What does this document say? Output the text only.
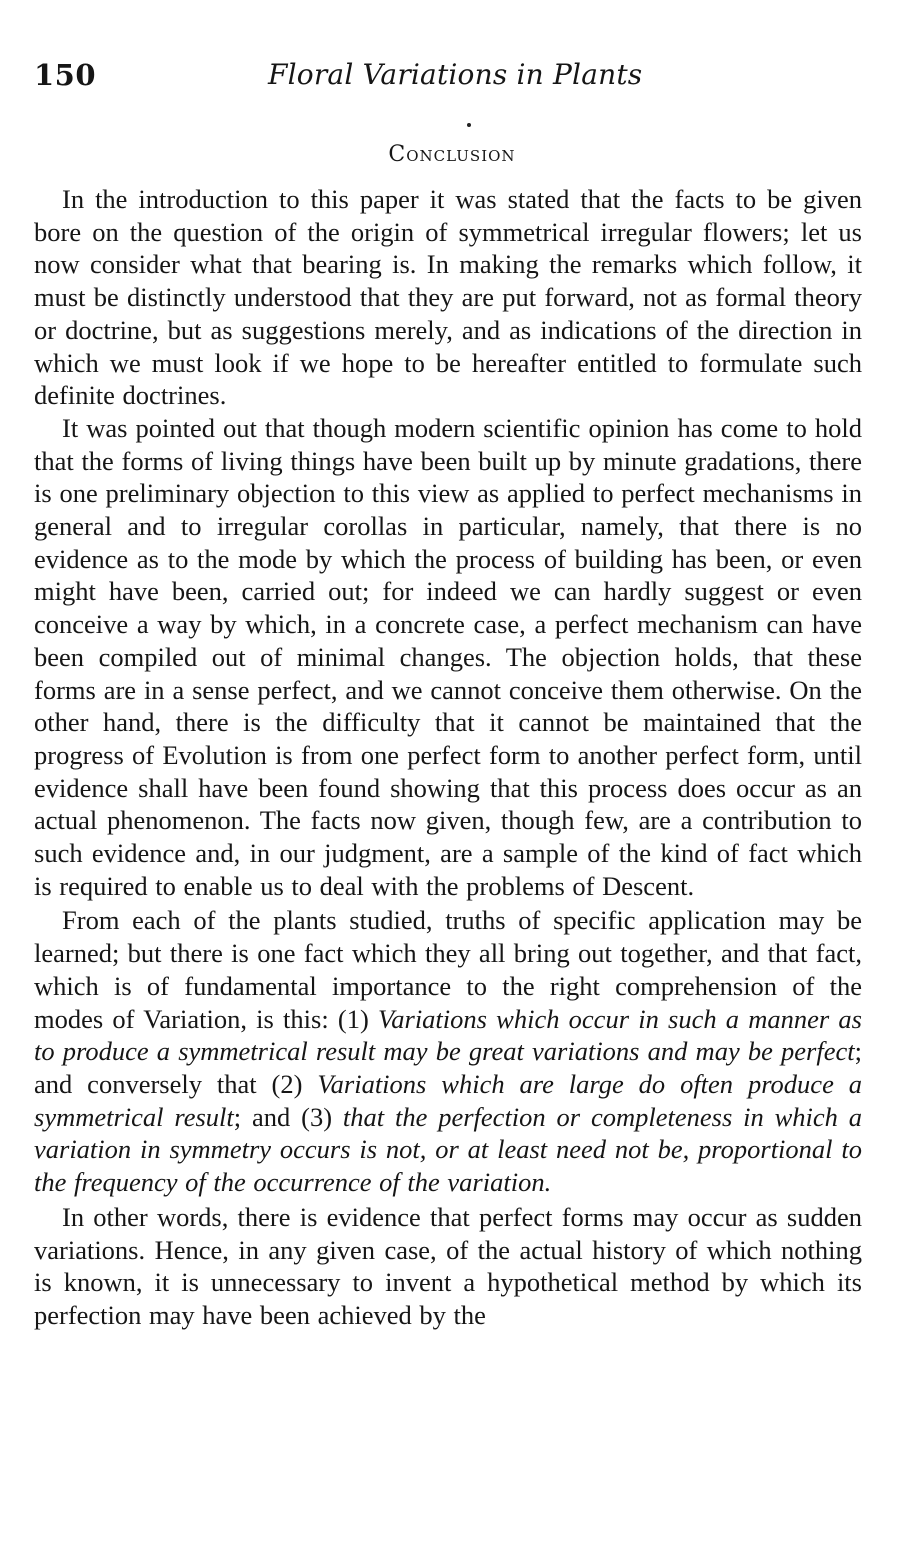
150	Floral Variations in Plants
Conclusion

In the introduction to this paper it was stated that the facts to be given bore on the question of the origin of symmetrical irregular flowers; let us now consider what that bearing is. In making the remarks which follow, it must be distinctly understood that they are put forward, not as formal theory or doctrine, but as suggestions merely, and as indications of the direction in which we must look if we hope to be hereafter entitled to formulate such definite doctrines.

It was pointed out that though modern scientific opinion has come to hold that the forms of living things have been built up by minute gradations, there is one preliminary objection to this view as applied to perfect mechanisms in general and to irregular corollas in particular, namely, that there is no evidence as to the mode by which the process of building has been, or even might have been, carried out; for indeed we can hardly suggest or even conceive a way by which, in a concrete case, a perfect mechanism can have been compiled out of minimal changes. The objection holds, that these forms are in a sense perfect, and we cannot conceive them otherwise. On the other hand, there is the difficulty that it cannot be maintained that the progress of Evolution is from one perfect form to another perfect form, until evidence shall have been found showing that this process does occur as an actual phenomenon. The facts now given, though few, are a contribution to such evidence and, in our judgment, are a sample of the kind of fact which is required to enable us to deal with the problems of Descent.

From each of the plants studied, truths of specific application may be learned; but there is one fact which they all bring out together, and that fact, which is of fundamental importance to the right comprehension of the modes of Variation, is this: (1) Variations which occur in such a manner as to produce a symmetrical result may be great variations and may be perfect; and conversely that (2) Variations which are large do often produce a symmetrical result; and (3) that the perfection or completeness in which a variation in symmetry occurs is not, or at least need not be, proportional to the frequency of the occurrence of the variation.

In other words, there is evidence that perfect forms may occur as sudden variations. Hence, in any given case, of the actual history of which nothing is known, it is unnecessary to invent a hypothetical method by which its perfection may have been achieved by the
